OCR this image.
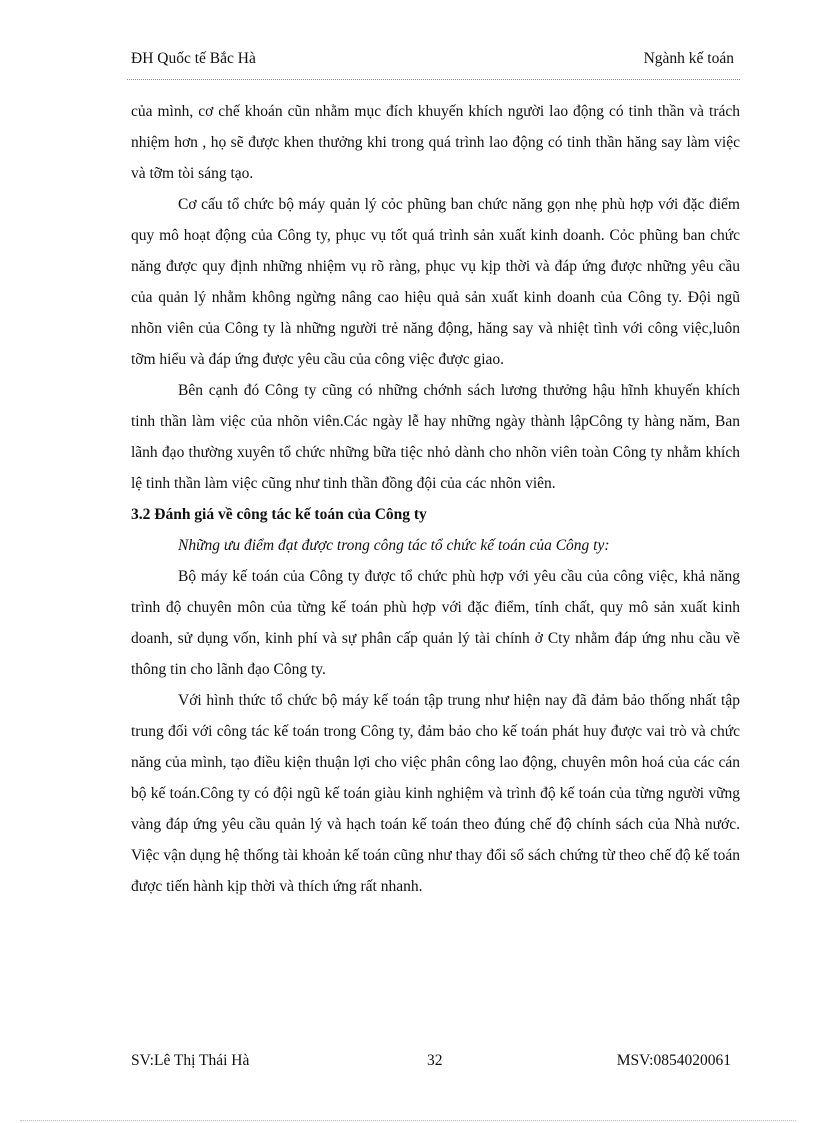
ĐH Quốc tế Bắc Hà	Ngành kế toán

của mình, cơ chế khoán cũn nhằm mục đích khuyến khích người lao động có tinh thần và trách nhiệm hơn , họ sẽ được khen thưởng khi trong quá trình lao động có tinh thần hăng say làm việc và tỡm tòi sáng tạo.

Cơ cấu tổ chức bộ máy quản lý cỏc phũng ban chức năng gọn nhẹ phù hợp với đặc điểm quy mô hoạt động của Công ty, phục vụ tốt quá trình sản xuất kinh doanh. Cỏc phũng ban chức năng được quy định những nhiệm vụ rõ ràng, phục vụ kịp thời và đáp ứng được những yêu cầu của quản lý nhằm không ngừng nâng cao hiệu quả sản xuất kinh doanh của Công ty. Đội ngũ nhõn viên của Công ty là những người trẻ năng động, hăng say và nhiệt tình với công việc,luôn tỡm hiểu và đáp ứng được yêu cầu của công việc được giao.

Bên cạnh đó Công ty cũng có những chớnh sách lương thưởng hậu hĩnh khuyến khích tinh thần làm việc của nhõn viên.Các ngày lễ hay những ngày thành lậpCông ty hàng năm, Ban lãnh đạo thường xuyên tổ chức những bữa tiệc nhỏ dành cho nhõn viên toàn Công ty nhằm khích lệ tinh thần làm việc cũng như tinh thần đồng đội của các nhõn viên.

3.2 Đánh giá về công tác kế toán của Công ty

Những ưu điểm đạt được trong công tác tổ chức kế toán của Công ty:

Bộ máy kế toán của Công ty được tổ chức phù hợp với yêu cầu của công việc, khả năng trình độ chuyên môn của từng kế toán phù hợp với đặc điểm, tính chất, quy mô sản xuất kinh doanh, sử dụng vốn, kinh phí và sự phân cấp quản lý tài chính ở Cty nhằm đáp ứng nhu cầu về thông tin cho lãnh đạo Công ty.

Với hình thức tổ chức bộ máy kế toán tập trung như hiện nay đã đảm bảo thống nhất tập trung đối với công tác kế toán trong Công ty, đảm bảo cho kế toán phát huy được vai trò và chức năng của mình, tạo điều kiện thuận lợi cho việc phân công lao động, chuyên môn hoá của các cán bộ kế toán.Công ty có đội ngũ kế toán giàu kinh nghiệm và trình độ kế toán của từng người vững vàng đáp ứng yêu cầu quản lý và hạch toán kế toán theo đúng chế độ chính sách của Nhà nước. Việc vận dụng hệ thống tài khoản kế toán cũng như thay đổi sổ sách chứng từ theo chế độ kế toán được tiến hành kịp thời và thích ứng rất nhanh.

SV:Lê Thị Thái Hà	32	MSV:0854020061
